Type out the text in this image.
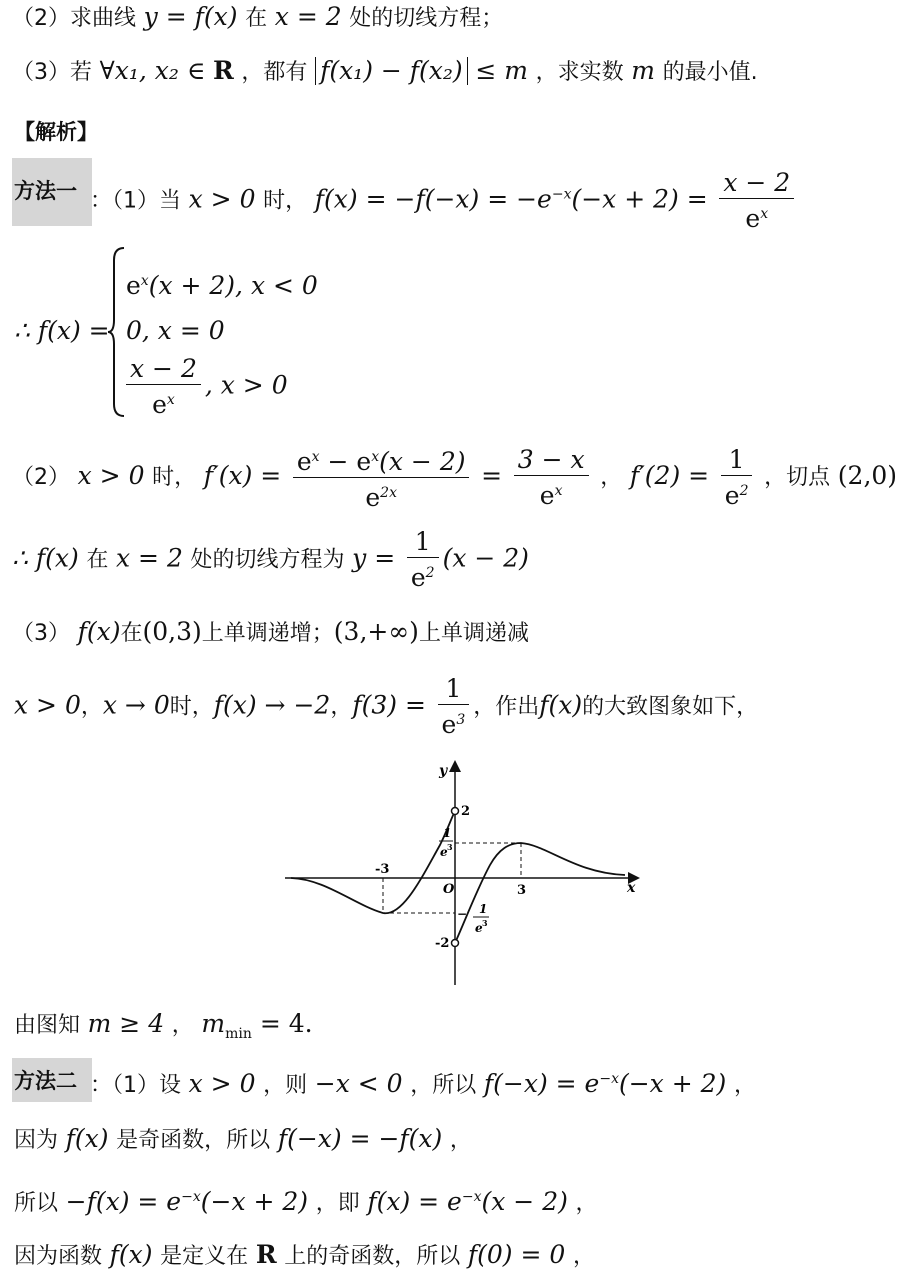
（2）求曲线 y = f(x) 在 x = 2 处的切线方程；
（3）若 ∀x₁, x₂ ∈ R ，都有 f(x₁) − f(x₂) ≤ m ，求实数 m 的最小值.
【解析】
方法一 ：（1）当 x > 0 时， $f(x) = -f(-x) = -e^{-x}(-x + 2) = \frac{x - 2}{e^x}$
∴ f(x) =
$e^x(x + 2)$, x < 0
0, x = 0
$\frac{x - 2}{e^x}$ , x > 0
（2） x > 0 时， $f'(x) = \frac{e^x - e^x(x - 2)}{e^{2x}} = \frac{3 - x}{e^x}$ ， $f'(2) = \frac{1}{e^2}$ ，切点 (2,0)
∴ f(x) 在 x = 2 处的切线方程为 $y = \frac{1}{e^2} (x - 2)$
（3） f(x)在(0,3)上单调递增；(3,+∞)上单调递减
x > 0，x → 0时，f(x) → −2，$f(3) = \frac{1}{e^3}$ ，作出f(x)的大致图象如下，
y
x
O
-3
3
2
-2
1
e 3
− 1
e 3
由图知 m ≥ 4 ， $m_{min} = 4$.
方法二 ：（1）设 x > 0 ，则 −x < 0 ，所以 $f(-x) = e^{-x}(-x + 2)$ ，
因为 f(x) 是奇函数，所以 f(−x) = −f(x) ，
所以 $-f(x) = e^{-x}(-x + 2)$ ，即 $f(x) = e^{-x}(x - 2)$ ，
因为函数 f(x) 是定义在 R 上的奇函数，所以 f(0) = 0 ，
